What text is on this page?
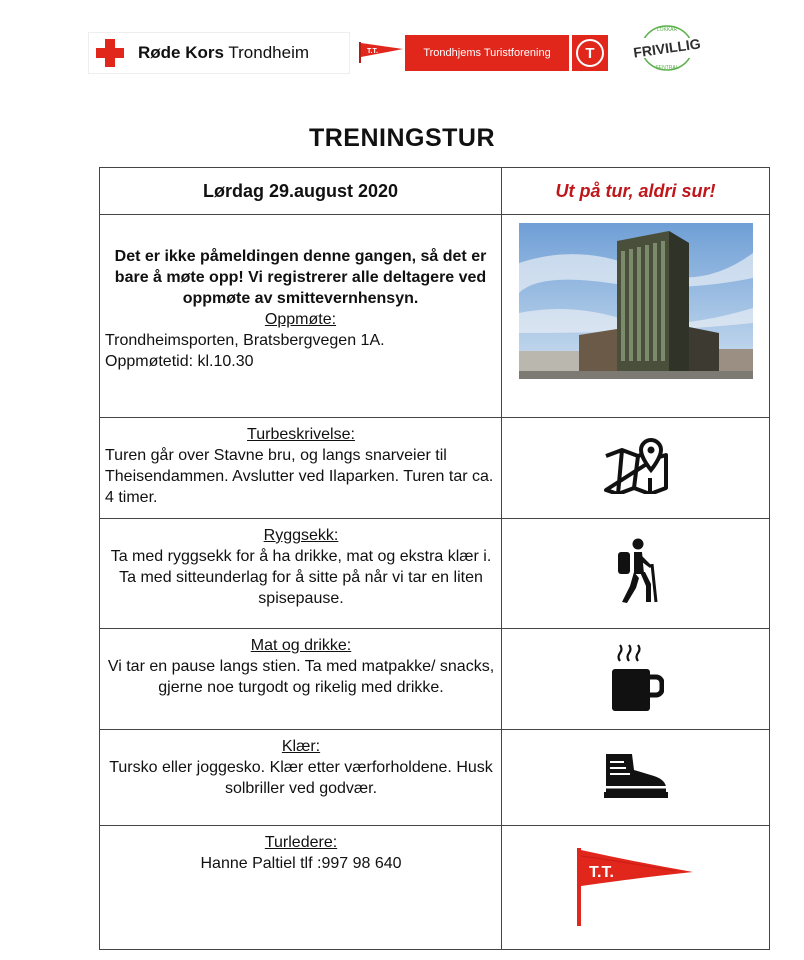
Røde Kors Trondheim	T.T.	Trondhjems Turistforening	T	FRIVILLIG
LOKKAR
SENTRAL
TRENINGSTUR
Lørdag 29.august 2020	Ut på tur, aldri sur!

Det er ikke påmeldingen denne gangen, så det er bare å møte opp! Vi registrerer alle deltagere ved oppmøte av smittevernhensyn.
Oppmøte:
Trondheimsporten, Bratsbergvegen 1A.
Oppmøtetid: kl.10.30

Turbeskrivelse:
Turen går over Stavne bru, og langs snarveier til Theisendammen. Avslutter ved Ilaparken. Turen tar ca. 4 timer.

Ryggsekk:
Ta med ryggsekk for å ha drikke, mat og ekstra klær i. Ta med sitteunderlag for å sitte på når vi tar en liten spisepause.

Mat og drikke:
Vi tar en pause langs stien. Ta med matpakke/ snacks, gjerne noe turgodt og rikelig med drikke.

Klær:
Tursko eller joggesko. Klær etter værforholdene. Husk solbriller ved godvær.

Turledere:
Hanne Paltiel tlf :997 98 640	T.T.
